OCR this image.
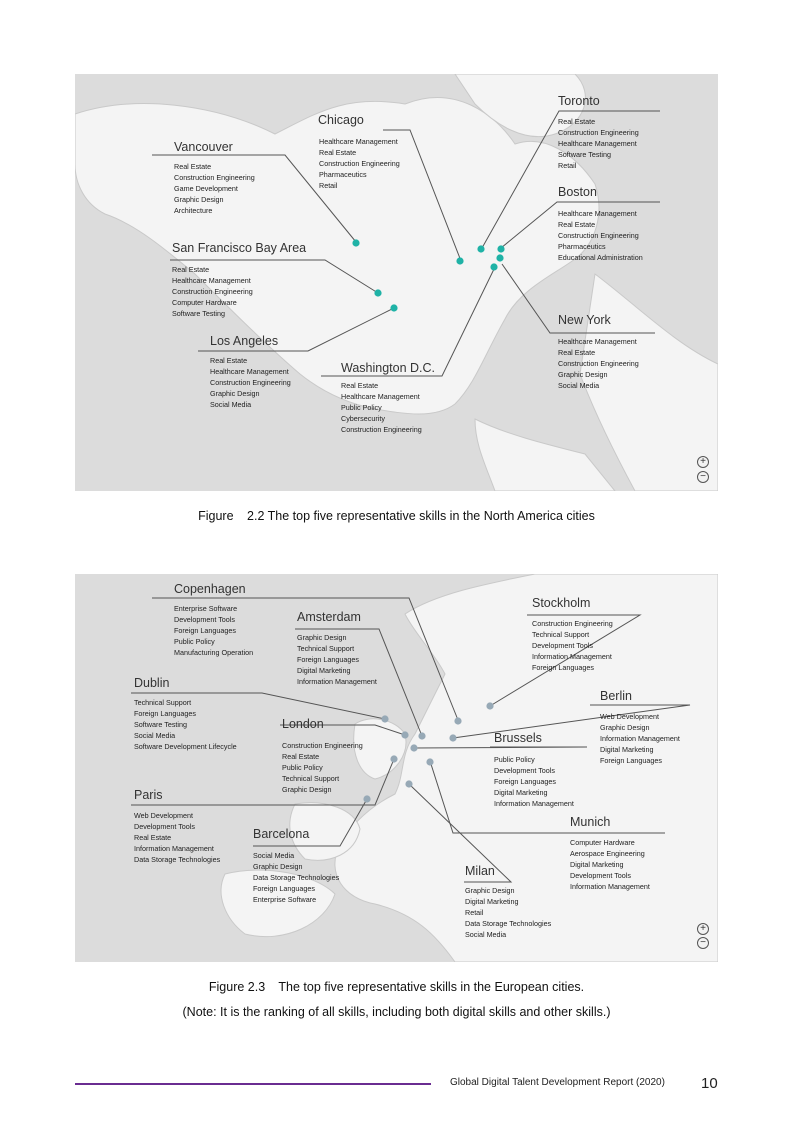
Toronto
Real Estate
Construction Engineering
Healthcare Management
Software Testing
Retail
Chicago
Healthcare Management
Real Estate
Construction Engineering
Pharmaceutics
Retail
Vancouver
Real Estate
Construction Engineering
Game Development
Graphic Design
Architecture
Boston
Healthcare Management
Real Estate
Construction Engineering
Pharmaceutics
Educational Administration
San Francisco Bay Area
Real Estate
Healthcare Management
Construction Engineering
Computer Hardware
Software Testing	New York
Healthcare Management
Real Estate
Construction Engineering
Graphic Design
Social Media
Los Angeles
Real Estate
Healthcare Management
Construction Engineering
Graphic Design
Social Media
Washington D.C.
Real Estate
Healthcare Management
Public Policy
Cybersecurity
Construction Engineering
+
−
Figure 2.2 The top five representative skills in the North America cities
Copenhagen
Enterprise Software
Development Tools
Foreign Languages
Public Policy
Manufacturing Operation
Amsterdam
Graphic Design
Technical Support
Foreign Languages
Digital Marketing
Information Management
Stockholm
Construction Engineering
Technical Support
Development Tools
Information Management
Foreign Languages
Dublin
Technical Support
Foreign Languages
Software Testing
Social Media
Software Development Lifecycle
Berlin
Web Development
Graphic Design
Information Management
Digital Marketing
Foreign Languages
London
Construction Engineering
Real Estate
Public Policy
Technical Support
Graphic Design
Brussels
Public Policy
Development Tools
Foreign Languages
Digital Marketing
Information Management
Paris
Web Development
Development Tools
Real Estate
Information Management
Data Storage Technologies
Barcelona
Social Media
Graphic Design
Data Storage Technologies
Foreign Languages
Enterprise Software
Munich
Computer Hardware
Aerospace Engineering
Digital Marketing
Development Tools
Information Management
Milan
Graphic Design
Digital Marketing
Retail
Data Storage Technologies
Social Media
+
−
Figure 2.3 The top five representative skills in the European cities.
(Note: It is the ranking of all skills, including both digital skills and other skills.)
Global Digital Talent Development Report (2020) 10
